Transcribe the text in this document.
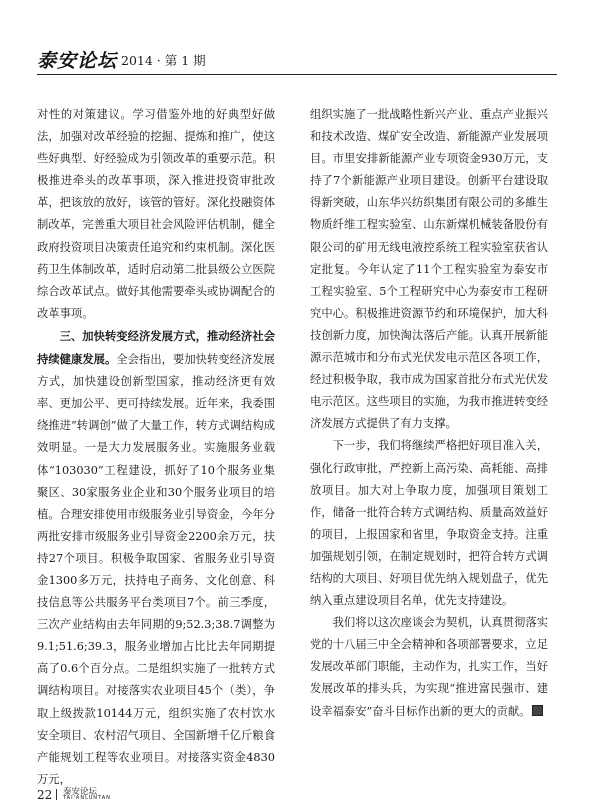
泰安论坛 2014 · 第 1 期

对性的对策建议。学习借鉴外地的好典型好做法，加强对改革经验的挖掘、提炼和推广，使这些好典型、好经验成为引领改革的重要示范。积极推进牵头的改革事项，深入推进投资审批改革，把该放的放好，该管的管好。深化投融资体制改革，完善重大项目社会风险评估机制，健全政府投资项目决策责任追究和约束机制。深化医药卫生体制改革，适时启动第二批县级公立医院综合改革试点。做好其他需要牵头或协调配合的改革事项。

三、加快转变经济发展方式，推动经济社会持续健康发展。全会指出，要加快转变经济发展方式，加快建设创新型国家，推动经济更有效率、更加公平、更可持续发展。近年来，我委围绕推进“转调创”做了大量工作，转方式调结构成效明显。一是大力发展服务业。实施服务业载体“103030”工程建设，抓好了10个服务业集聚区、30家服务业企业和30个服务业项目的培植。合理安排使用市级服务业引导资金，今年分两批安排市级服务业引导资金2200余万元，扶持27个项目。积极争取国家、省服务业引导资金1300多万元，扶持电子商务、文化创意、科技信息等公共服务平台类项目7个。前三季度，三次产业结构由去年同期的9;52.3;38.7调整为9.1;51.6;39.3，服务业增加占比比去年同期提高了0.6个百分点。二是组织实施了一批转方式调结构项目。对接落实农业项目45个（类），争取上级拨款10144万元，组织实施了农村饮水安全项目、农村沼气项目、全国新增千亿斤粮食产能规划工程等农业项目。对接落实资金4830万元，

组织实施了一批战略性新兴产业、重点产业振兴和技术改造、煤矿安全改造、新能源产业发展项目。市里安排新能源产业专项资金930万元，支持了7个新能源产业项目建设。创新平台建设取得新突破，山东华兴纺织集团有限公司的多維生物质纤维工程实验室、山东新煤机械装备股份有限公司的矿用无线电液控系统工程实验室获省认定批复。今年认定了11个工程实验室为泰安市工程实验室、5个工程研究中心为泰安市工程研究中心。积极推进资源节约和环境保护，加大科技创新力度，加快淘汰落后产能。认真开展新能源示范城市和分布式光伏发电示范区各项工作，经过积极争取，我市成为国家首批分布式光伏发电示范区。这些项目的实施，为我市推进转变经济发展方式提供了有力支撑。

下一步，我们将继续严格把好项目准入关，强化行政审批，严控新上高污染、高耗能、高排放项目。加大对上争取力度，加强项目策划工作，储备一批符合转方式调结构、质量高效益好的项目，上报国家和省里，争取资金支持。注重加强规划引领，在制定规划时，把符合转方式调结构的大项目、好项目优先纳入规划盘子，优先纳入重点建设项目名单，优先支持建设。

我们将以这次座谈会为契机，认真贯彻落实党的十八届三中全会精神和各项部署要求，立足发展改革部门职能，主动作为，扎实工作，当好发展改革的排头兵，为实现“推进富民强市、建设幸福泰安”奋斗目标作出新的更大的贡献。

22 泰安论坛
TAI'ANLUNTAN
